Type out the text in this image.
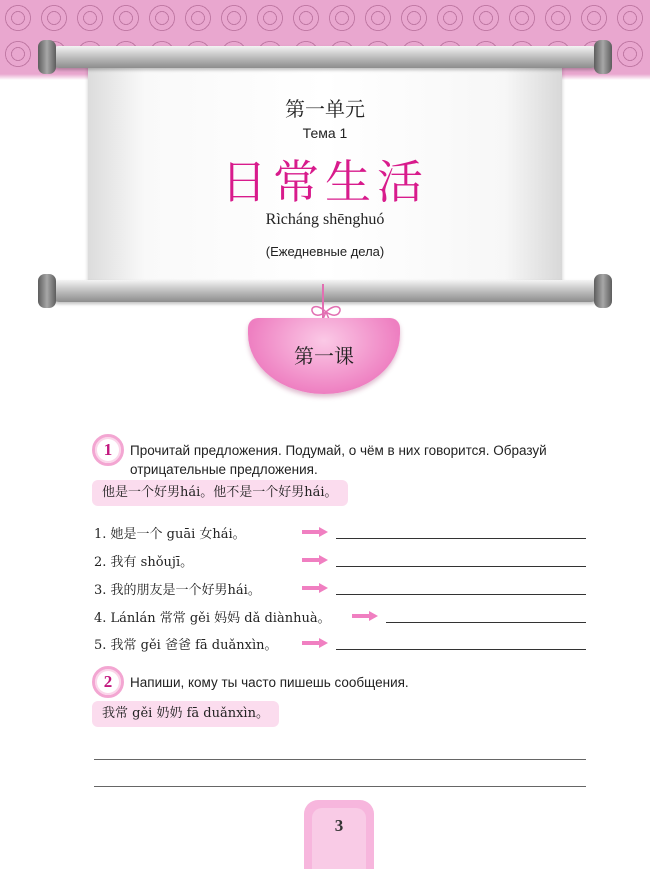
第一单元
Тема 1
日常生活
Rìcháng shēnghuó
(Ежедневные дела)
第一课
1	Прочитай предложения. Подумай, о чём в них говорится. Образуй отрицательные предложения.
他是一个好男hái。他不是一个好男hái。
1. 她是一个 guāi 女hái。
2. 我有 shǒujī。
3. 我的朋友是一个好男hái。
4. Lánlán 常常 gěi 妈妈 dǎ diànhuà。
5. 我常 gěi 爸爸 fā duǎnxìn。
2	Напиши, кому ты часто пишешь сообщения.
我常 gěi 奶奶 fā duǎnxìn。
3
